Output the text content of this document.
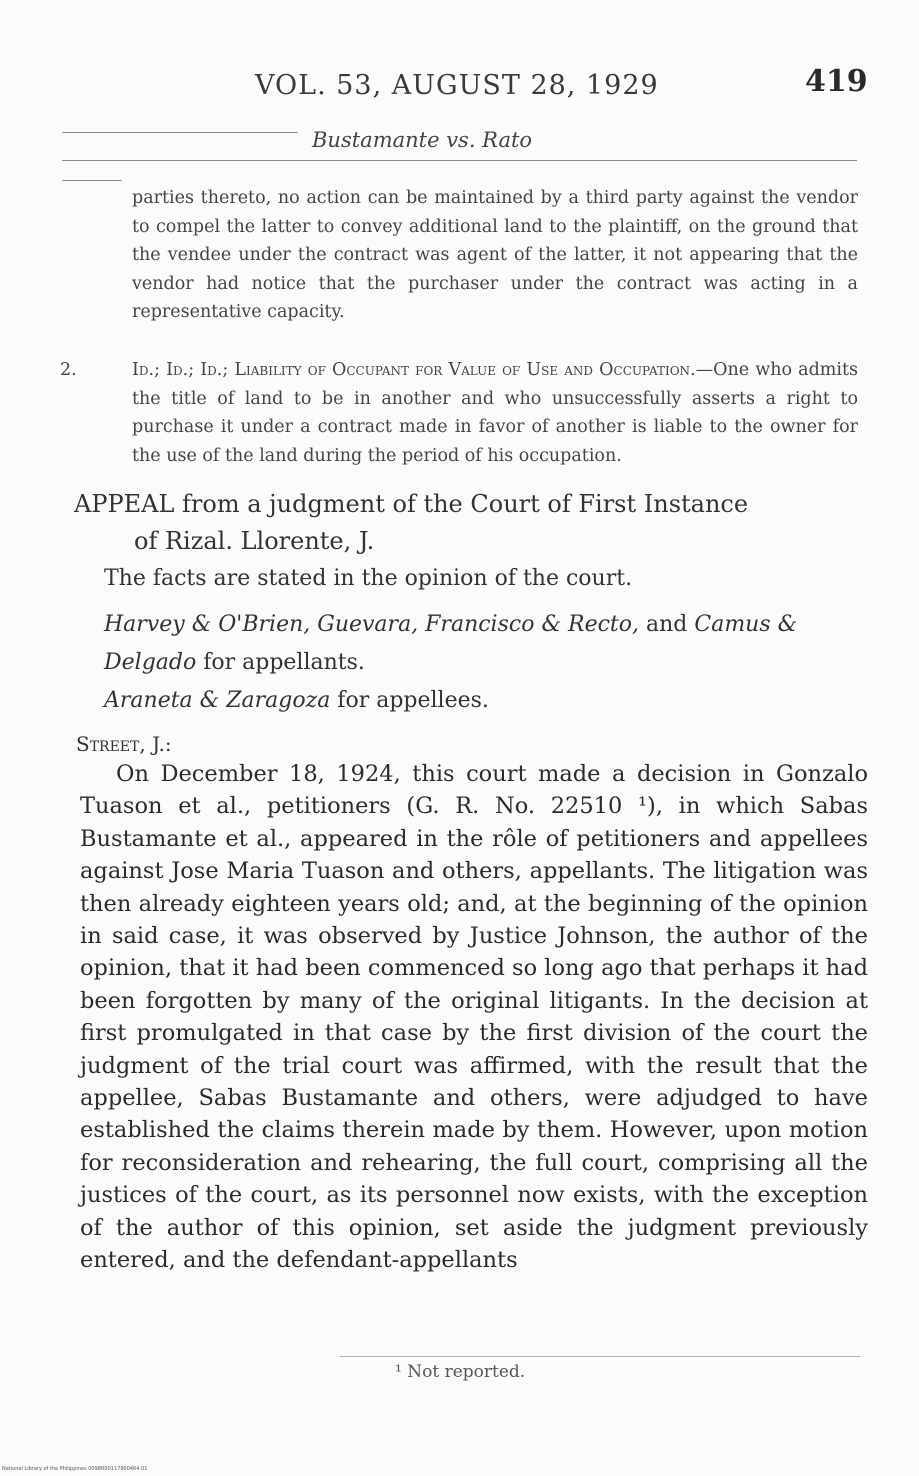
VOL. 53, AUGUST 28, 1929	419
Bustamante vs. Rato

parties thereto, no action can be maintained by a third party against the vendor to compel the latter to convey additional land to the plaintiff, on the ground that the vendee under the contract was agent of the latter, it not appearing that the vendor had notice that the purchaser under the contract was acting in a representative capacity.

2.	Id.; Id.; Id.; Liability of Occupant for Value of Use and Occupation.—One who admits the title of land to be in another and who unsuccessfully asserts a right to purchase it under a contract made in favor of another is liable to the owner for the use of the land during the period of his occupation.
APPEAL from a judgment of the Court of First Instance
of Rizal. Llorente, J.
The facts are stated in the opinion of the court.
Harvey & O'Brien, Guevara, Francisco & Recto, and Camus & Delgado for appellants.
Araneta & Zaragoza for appellees.
Street, J.:

On December 18, 1924, this court made a decision in Gonzalo Tuason et al., petitioners (G. R. No. 22510 ¹), in which Sabas Bustamante et al., appeared in the rôle of petitioners and appellees against Jose Maria Tuason and others, appellants. The litigation was then already eighteen years old; and, at the beginning of the opinion in said case, it was observed by Justice Johnson, the author of the opinion, that it had been commenced so long ago that perhaps it had been forgotten by many of the original litigants. In the decision at first promulgated in that case by the first division of the court the judgment of the trial court was affirmed, with the result that the appellee, Sabas Bustamante and others, were adjudged to have established the claims therein made by them. However, upon motion for reconsideration and rehearing, the full court, comprising all the justices of the court, as its personnel now exists, with the exception of the author of this opinion, set aside the judgment previously entered, and the defendant-appellants

¹ Not reported.
National Library of the Philippines 0098R00117900464.01
